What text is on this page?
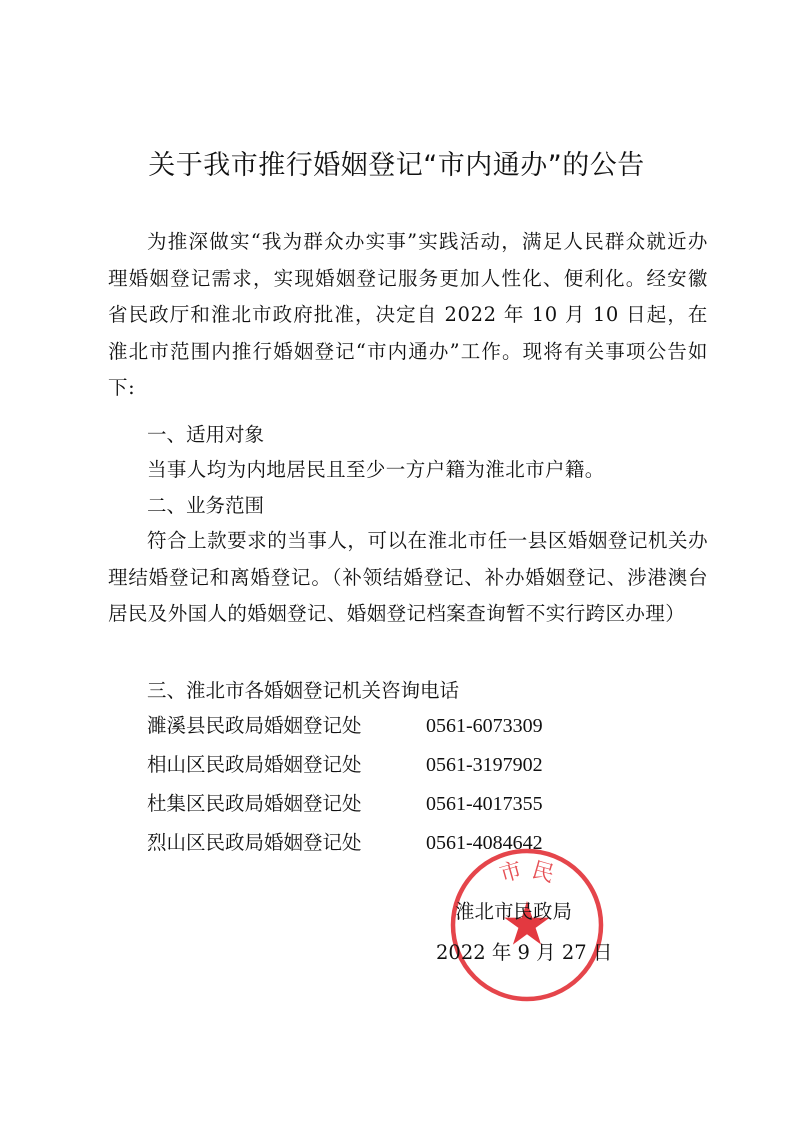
关于我市推行婚姻登记“市内通办”的公告

为推深做实“我为群众办实事”实践活动，满足人民群众就近办理婚姻登记需求，实现婚姻登记服务更加人性化、便利化。经安徽省民政厅和淮北市政府批准，决定自 2022 年 10 月 10 日起，在淮北市范围内推行婚姻登记“市内通办”工作。现将有关事项公告如下:

一、适用对象

当事人均为内地居民且至少一方户籍为淮北市户籍。

二、业务范围

符合上款要求的当事人，可以在淮北市任一县区婚姻登记机关办理结婚登记和离婚登记。（补领结婚登记、补办婚姻登记、涉港澳台居民及外国人的婚姻登记、婚姻登记档案查询暂不实行跨区办理）

三、淮北市各婚姻登记机关咨询电话
濉溪县民政局婚姻登记处	0561-6073309
相山区民政局婚姻登记处	0561-3197902
杜集区民政局婚姻登记处	0561-4017355
烈山区民政局婚姻登记处	0561-4084642
市 民
淮北市民政局
2022 年 9 月 27 日
